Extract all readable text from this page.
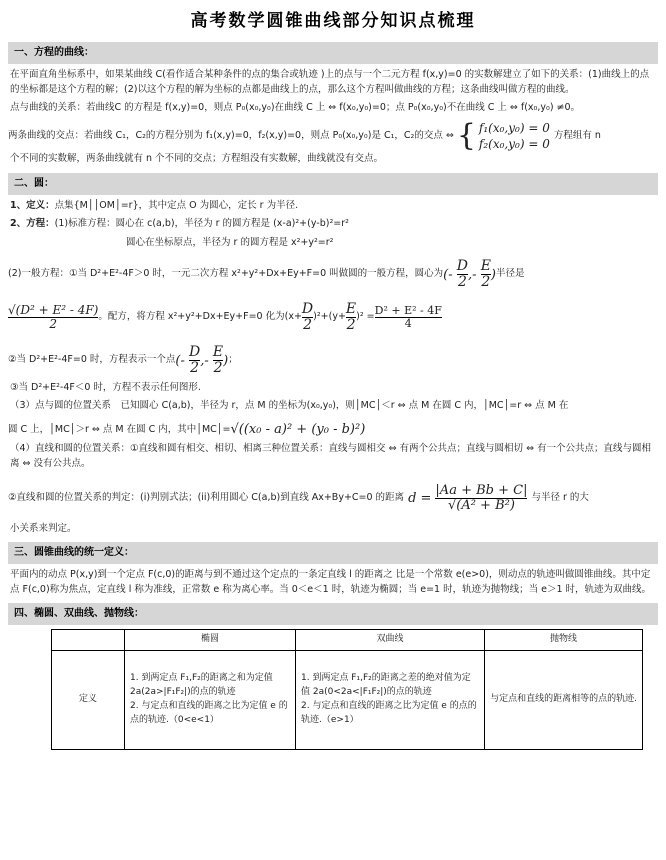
高考数学圆锥曲线部分知识点梳理
一、方程的曲线：

在平面直角坐标系中，如果某曲线 C(看作适合某种条件的点的集合或轨迹 )上的点与一个二元方程 f(x,y)=0 的实数解建立了如下的关系：(1)曲线上的点的坐标都是这个方程的解；(2)以这个方程的解为坐标的点都是曲线上的点，那么这个方程叫做曲线的方程；这条曲线叫做方程的曲线。

点与曲线的关系：若曲线C 的方程是 f(x,y)=0，则点 P₀(x₀,y₀)在曲线 C 上 ⇔ f(x₀,y₀)=0；点 P₀(x₀,y₀)不在曲线 C 上 ⇔ f(x₀,y₀) ≠0。

两条曲线的交点：若曲线 C₁，C₂的方程分别为 f₁(x,y)=0，f₂(x,y)=0，则点 P₀(x₀,y₀)是 C₁，C₂的交点 ⇔ { f₁(x₀,y₀) = 0
f₂(x₀,y₀) = 0
方程组有 n

个不同的实数解，两条曲线就有 n 个不同的交点；方程组没有实数解，曲线就没有交点。

二、圆：

1、定义：点集{M││OM│=r}，其中定点 O 为圆心，定长 r 为半径.

2、方程：(1)标准方程：圆心在 c(a,b)，半径为 r 的圆方程是 (x-a)²+(y-b)²=r²

圆心在坐标原点，半径为 r 的圆方程是 x²+y²=r²

(2)一般方程：①当 D²+E²-4F＞0 时，一元二次方程 x²+y²+Dx+Ey+F=0 叫做圆的一般方程，圆心为 (- $\frac{D}{2}$ ,- $\frac{E}{2}$ ) 半径是
$\frac{\text{√(D² + E² - 4F)}}{2}$ 。配方，将方程 x²+y²+Dx+Ey+F=0 化为$(x+ \frac{D}{2} )^2+(y+ \frac{E}{2} )^2 = \frac{\text{D² + E² - 4F}}{4}$
②当 D²+E²-4F=0 时，方程表示一个点 (- $\frac{D}{2}$ ,- $\frac{E}{2}$ ) ；

③当 D²+E²-4F＜0 时，方程不表示任何图形.

（3）点与圆的位置关系　已知圆心 C(a,b)，半径为 r，点 M 的坐标为(x₀,y₀)，则│MC│＜r ⇔ 点 M 在圆 C 内，│MC│=r ⇔ 点 M 在

圆 C 上，│MC│＞r ⇔ 点 M 在圆 C 内，其中│MC│= √((x₀ - a)² + (y₀ - b)²)

（4）直线和圆的位置关系：①直线和圆有相交、相切、相离三种位置关系：直线与圆相交 ⇔ 有两个公共点；直线与圆相切 ⇔ 有一个公共点；直线与圆相离 ⇔ 没有公共点。

②直线和圆的位置关系的判定：(i)判别式法；(ii)利用圆心 C(a,b)到直线 Ax+By+C=0 的距离 $d = \frac{|Aa + Bb + C|}{\text{√(A² + B²)}}$ 与半径 r 的大

小关系来判定。

三、圆锥曲线的统一定义：

平面内的动点 P(x,y)到一个定点 F(c,0)的距离与到不通过这个定点的一条定直线 l 的距离之 比是一个常数 e(e>0)，则动点的轨迹叫做圆锥曲线。其中定点 F(c,0)称为焦点，定直线 l 称为准线，正常数 e 称为离心率。当 0＜e＜1 时，轨迹为椭圆；当 e=1 时，轨迹为抛物线；当 e＞1 时，轨迹为双曲线。

四、椭圆、双曲线、抛物线：
	椭圆	双曲线	抛物线
定义	1. 到两定点 F₁,F₂的距离之和为定值 2a(2a>|F₁F₂|)的点的轨迹
2. 与定点和直线的距离之比为定值 e 的点的轨迹.（0<e<1）	1. 到两定点 F₁,F₂的距离之差的绝对值为定值 2a(0<2a<|F₁F₂|)的点的轨迹
2. 与定点和直线的距离之比为定值 e 的点的轨迹.（e>1）	与定点和直线的距离相等的点的轨迹.
